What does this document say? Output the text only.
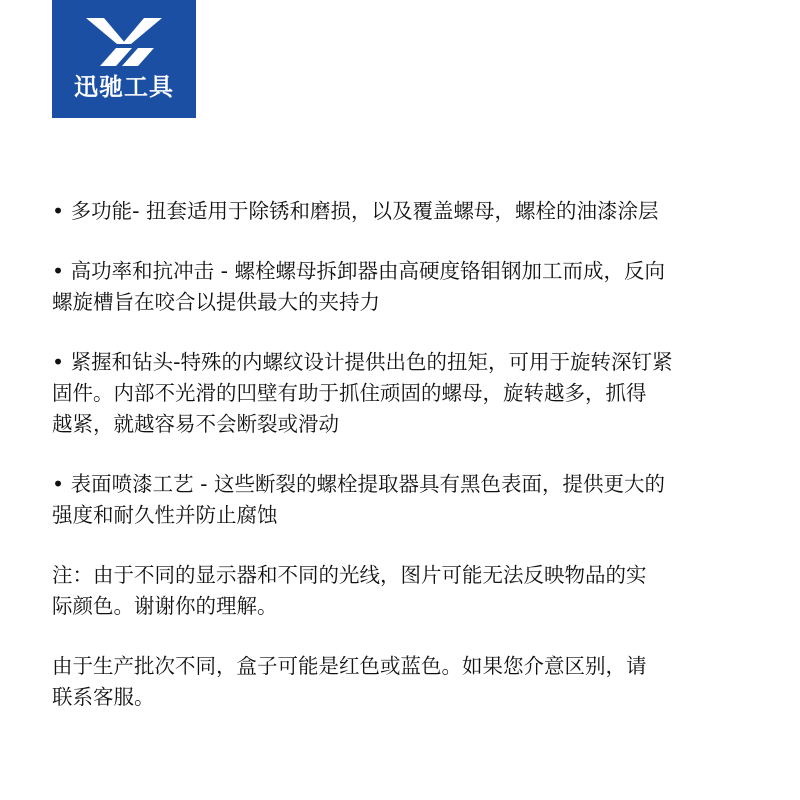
迅驰工具

• 多功能- 扭套适用于除锈和磨损，以及覆盖螺母，螺栓的油漆涂层

• 高功率和抗冲击 - 螺栓螺母拆卸器由高硬度铬钼钢加工而成，反向
螺旋槽旨在咬合以提供最大的夹持力

• 紧握和钻头-特殊的内螺纹设计提供出色的扭矩，可用于旋转深钉紧
固件。内部不光滑的凹壁有助于抓住顽固的螺母，旋转越多，抓得
越紧，就越容易不会断裂或滑动

• 表面喷漆工艺 - 这些断裂的螺栓提取器具有黑色表面，提供更大的
强度和耐久性并防止腐蚀

注：由于不同的显示器和不同的光线，图片可能无法反映物品的实
际颜色。谢谢你的理解。

由于生产批次不同，盒子可能是红色或蓝色。如果您介意区别，请
联系客服。
